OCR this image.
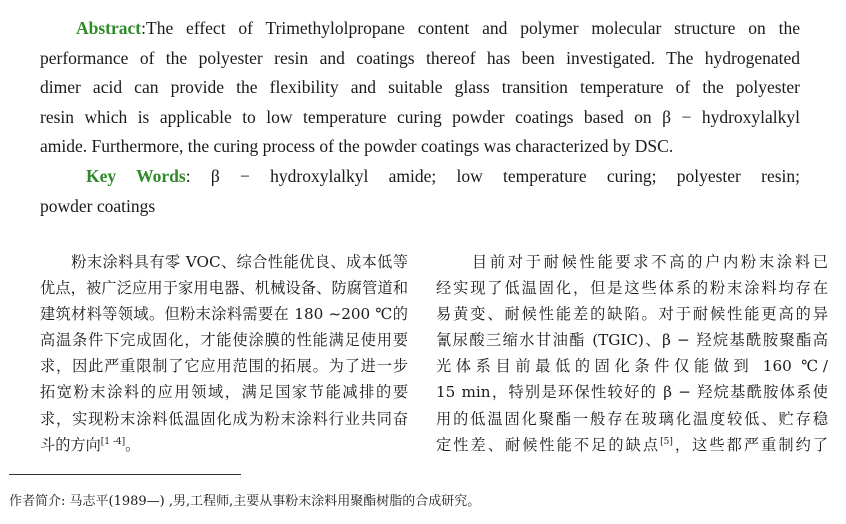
Abstract:The effect of Trimethylolpropane content and polymer molecular structure on the
performance of the polyester resin and coatings thereof has been investigated. The hydrogenated
dimer acid can provide the flexibility and suitable glass transition temperature of the polyester
resin which is applicable to low temperature curing powder coatings based on β − hydroxylalkyl
amide. Furthermore, the curing process of the powder coatings was characterized by DSC.
Key Words: β − hydroxylalkyl amide; low temperature curing; polyester resin;
powder coatings
　　粉末涂料具有零 VOC、综合性能优良、成本低等
优点，被广泛应用于家用电器、机械设备、防腐管道和
建筑材料等领域。但粉末涂料需要在 180 ~200 ℃的
高温条件下完成固化，才能使涂膜的性能满足使用要
求，因此严重限制了它应用范围的拓展。为了进一步
拓宽粉末涂料的应用领域，满足国家节能减排的要
求，实现粉末涂料低温固化成为粉末涂料行业共同奋
斗的方向[1 -4]。
　　目前对于耐候性能要求不高的户内粉末涂料已
经实现了低温固化，但是这些体系的粉末涂料均存在
易黄变、耐候性能差的缺陷。对于耐候性能更高的异
氰尿酸三缩水甘油酯 (TGIC)、β − 羟烷基酰胺聚酯高
光体系目前最低的固化条件仅能做到 160 ℃/
15 min，特别是环保性较好的 β − 羟烷基酰胺体系使
用的低温固化聚酯一般存在玻璃化温度较低、贮存稳
定性差、耐候性能不足的缺点[5]，这些都严重制约了
作者简介: 马志平(1989—) ,男,工程师,主要从事粉末涂料用聚酯树脂的合成研究。
